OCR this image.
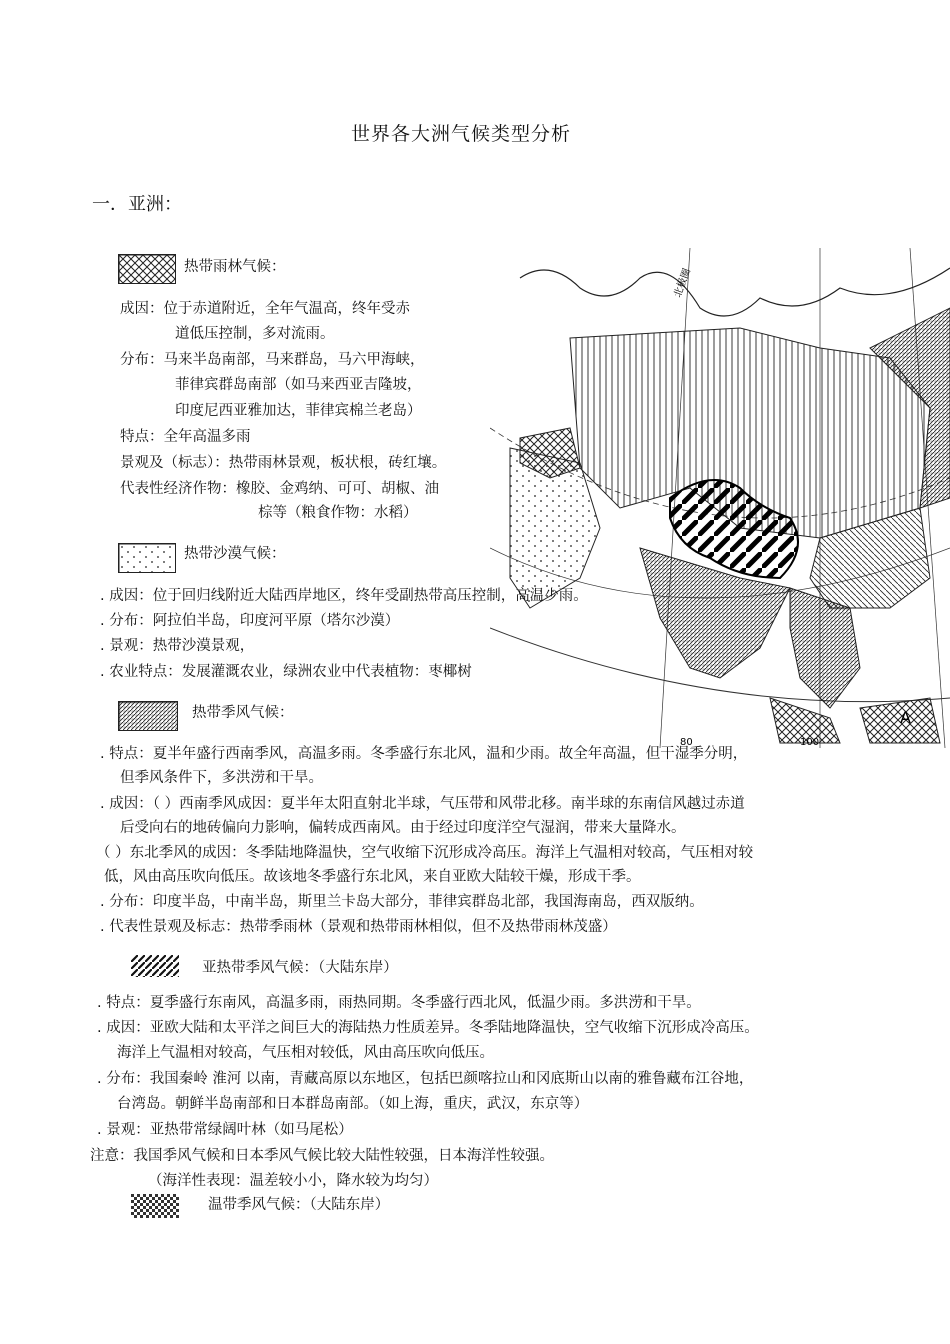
世界各大洲气候类型分析
一．亚洲：
北极圈
A
80	100
热带雨林气候：
成因：位于赤道附近，全年气温高，终年受赤
道低压控制，多对流雨。
分布：马来半岛南部，马来群岛，马六甲海峡，
菲律宾群岛南部（如马来西亚吉隆坡，
印度尼西亚雅加达，菲律宾棉兰老岛）
特点：全年高温多雨
景观及（标志）：热带雨林景观，板状根，砖红壤。
代表性经济作物：橡胶、金鸡纳、可可、胡椒、油
棕等（粮食作物：水稻）
热带沙漠气候：
. 成因：位于回归线附近大陆西岸地区，终年受副热带高压控制，高温少雨。
. 分布：阿拉伯半岛，印度河平原（塔尔沙漠）
. 景观：热带沙漠景观，
. 农业特点：发展灌溉农业，绿洲农业中代表植物：枣椰树
热带季风气候：
. 特点：夏半年盛行西南季风，高温多雨。冬季盛行东北风，温和少雨。故全年高温，但干湿季分明，
但季风条件下，多洪涝和干旱。
. 成因：（ ）西南季风成因：夏半年太阳直射北半球，气压带和风带北移。南半球的东南信风越过赤道
后受向右的地砖偏向力影响，偏转成西南风。由于经过印度洋空气湿润，带来大量降水。
（ ）东北季风的成因：冬季陆地降温快，空气收缩下沉形成冷高压。海洋上气温相对较高，气压相对较
低，风由高压吹向低压。故该地冬季盛行东北风，来自亚欧大陆较干燥，形成干季。
. 分布：印度半岛，中南半岛，斯里兰卡岛大部分，菲律宾群岛北部，我国海南岛，西双版纳。
. 代表性景观及标志：热带季雨林（景观和热带雨林相似，但不及热带雨林茂盛）
亚热带季风气候：（大陆东岸）
. 特点：夏季盛行东南风，高温多雨，雨热同期。冬季盛行西北风，低温少雨。多洪涝和干旱。
. 成因：亚欧大陆和太平洋之间巨大的海陆热力性质差异。冬季陆地降温快，空气收缩下沉形成冷高压。
海洋上气温相对较高，气压相对较低，风由高压吹向低压。
. 分布：我国秦岭 淮河 以南，青藏高原以东地区，包括巴颜喀拉山和冈底斯山以南的雅鲁藏布江谷地，
台湾岛。朝鲜半岛南部和日本群岛南部。（如上海，重庆，武汉，东京等）
. 景观：亚热带常绿阔叶林（如马尾松）
注意：我国季风气候和日本季风气候比较大陆性较强，日本海洋性较强。
（海洋性表现：温差较小小，降水较为均匀）
温带季风气候：（大陆东岸）
